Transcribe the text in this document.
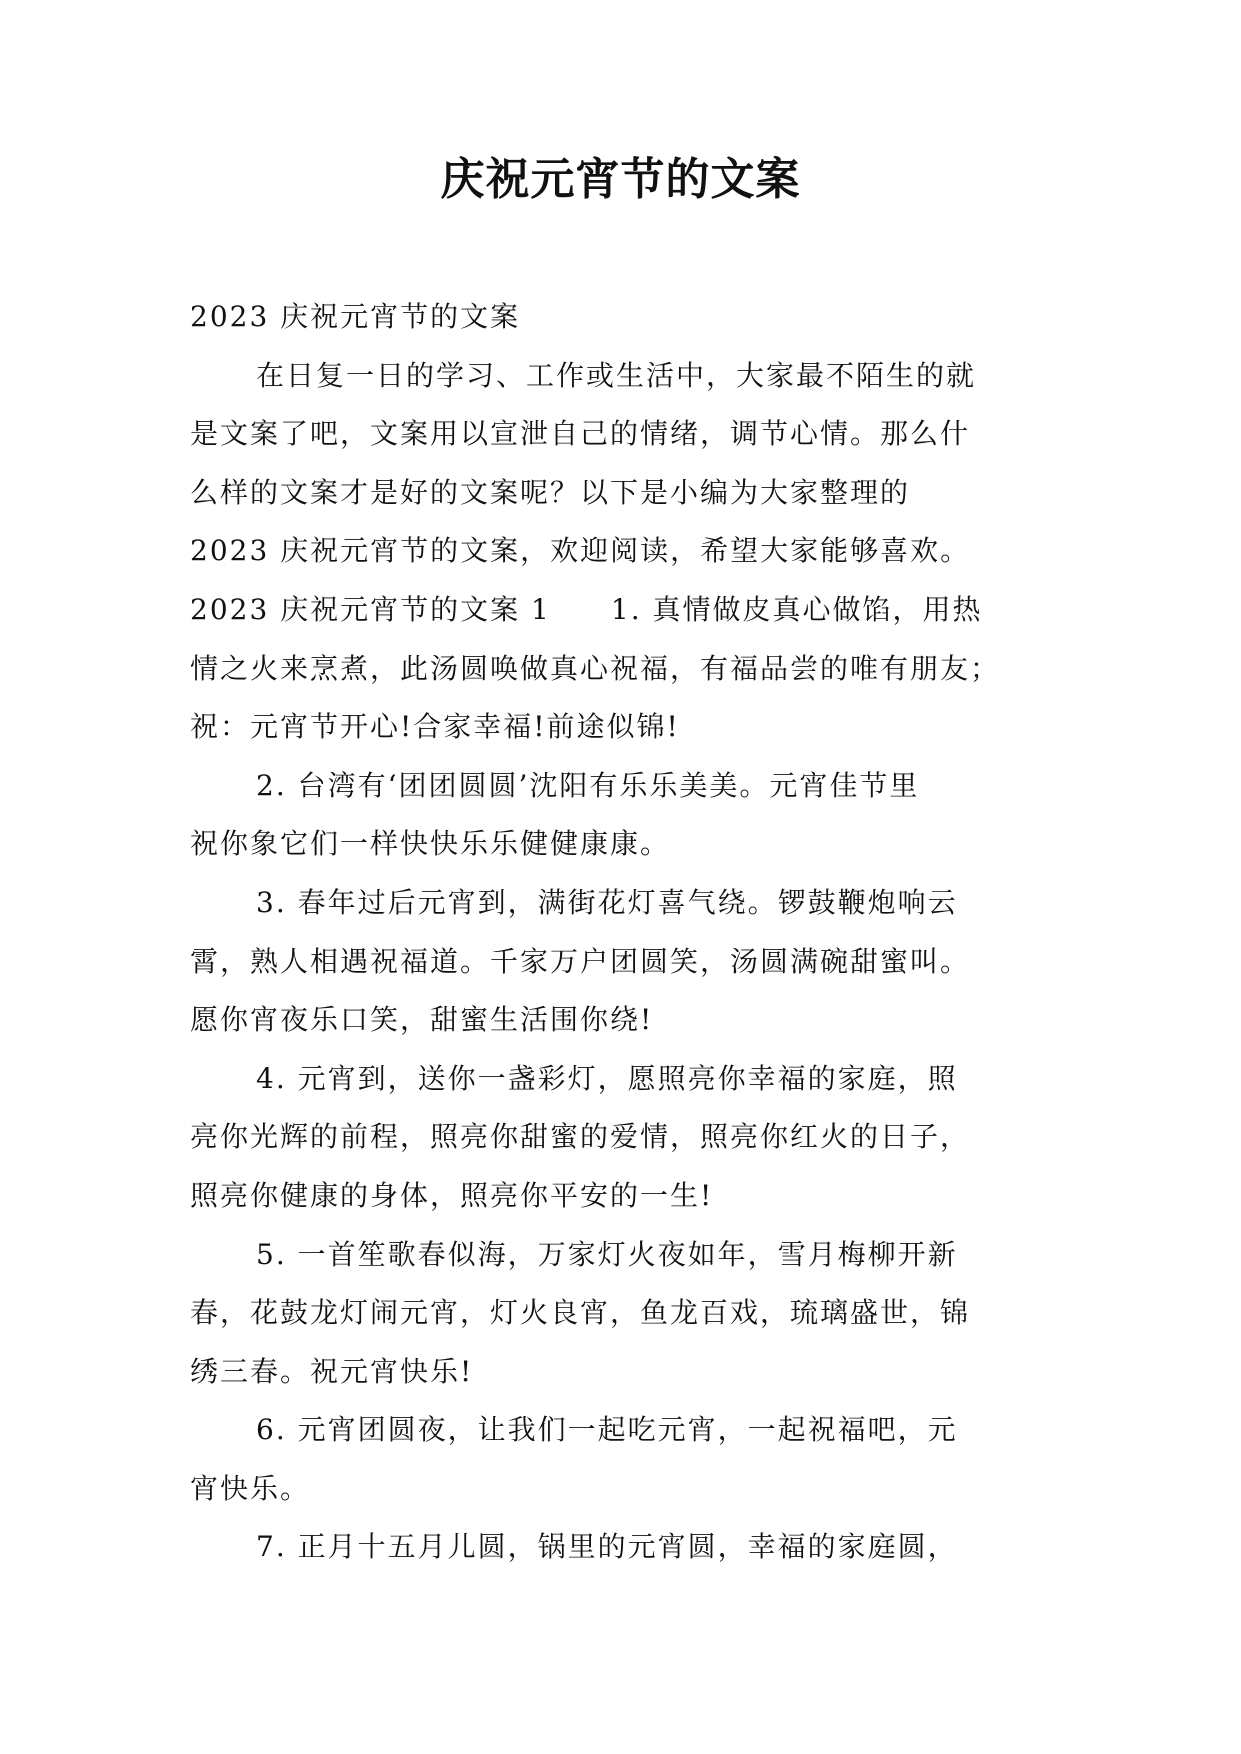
庆祝元宵节的文案
2023 庆祝元宵节的文案
在日复一日的学习、工作或生活中，大家最不陌生的就
是文案了吧，文案用以宣泄自己的情绪，调节心情。那么什
么样的文案才是好的文案呢？以下是小编为大家整理的
2023 庆祝元宵节的文案，欢迎阅读，希望大家能够喜欢。
2023 庆祝元宵节的文案 1　　1. 真情做皮真心做馅，用热
情之火来烹煮，此汤圆唤做真心祝福，有福品尝的唯有朋友；
祝：元宵节开心!合家幸福!前途似锦!
2. 台湾有‘团团圆圆’沈阳有乐乐美美。元宵佳节里
祝你象它们一样快快乐乐健健康康。
3. 春年过后元宵到，满街花灯喜气绕。锣鼓鞭炮响云
霄，熟人相遇祝福道。千家万户团圆笑，汤圆满碗甜蜜叫。
愿你宵夜乐口笑，甜蜜生活围你绕!
4. 元宵到，送你一盏彩灯，愿照亮你幸福的家庭，照
亮你光辉的前程，照亮你甜蜜的爱情，照亮你红火的日子，
照亮你健康的身体，照亮你平安的一生!
5. 一首笙歌春似海，万家灯火夜如年，雪月梅柳开新
春，花鼓龙灯闹元宵，灯火良宵，鱼龙百戏，琉璃盛世，锦
绣三春。祝元宵快乐!
6. 元宵团圆夜，让我们一起吃元宵，一起祝福吧，元
宵快乐。
7. 正月十五月儿圆，锅里的元宵圆，幸福的家庭圆，
